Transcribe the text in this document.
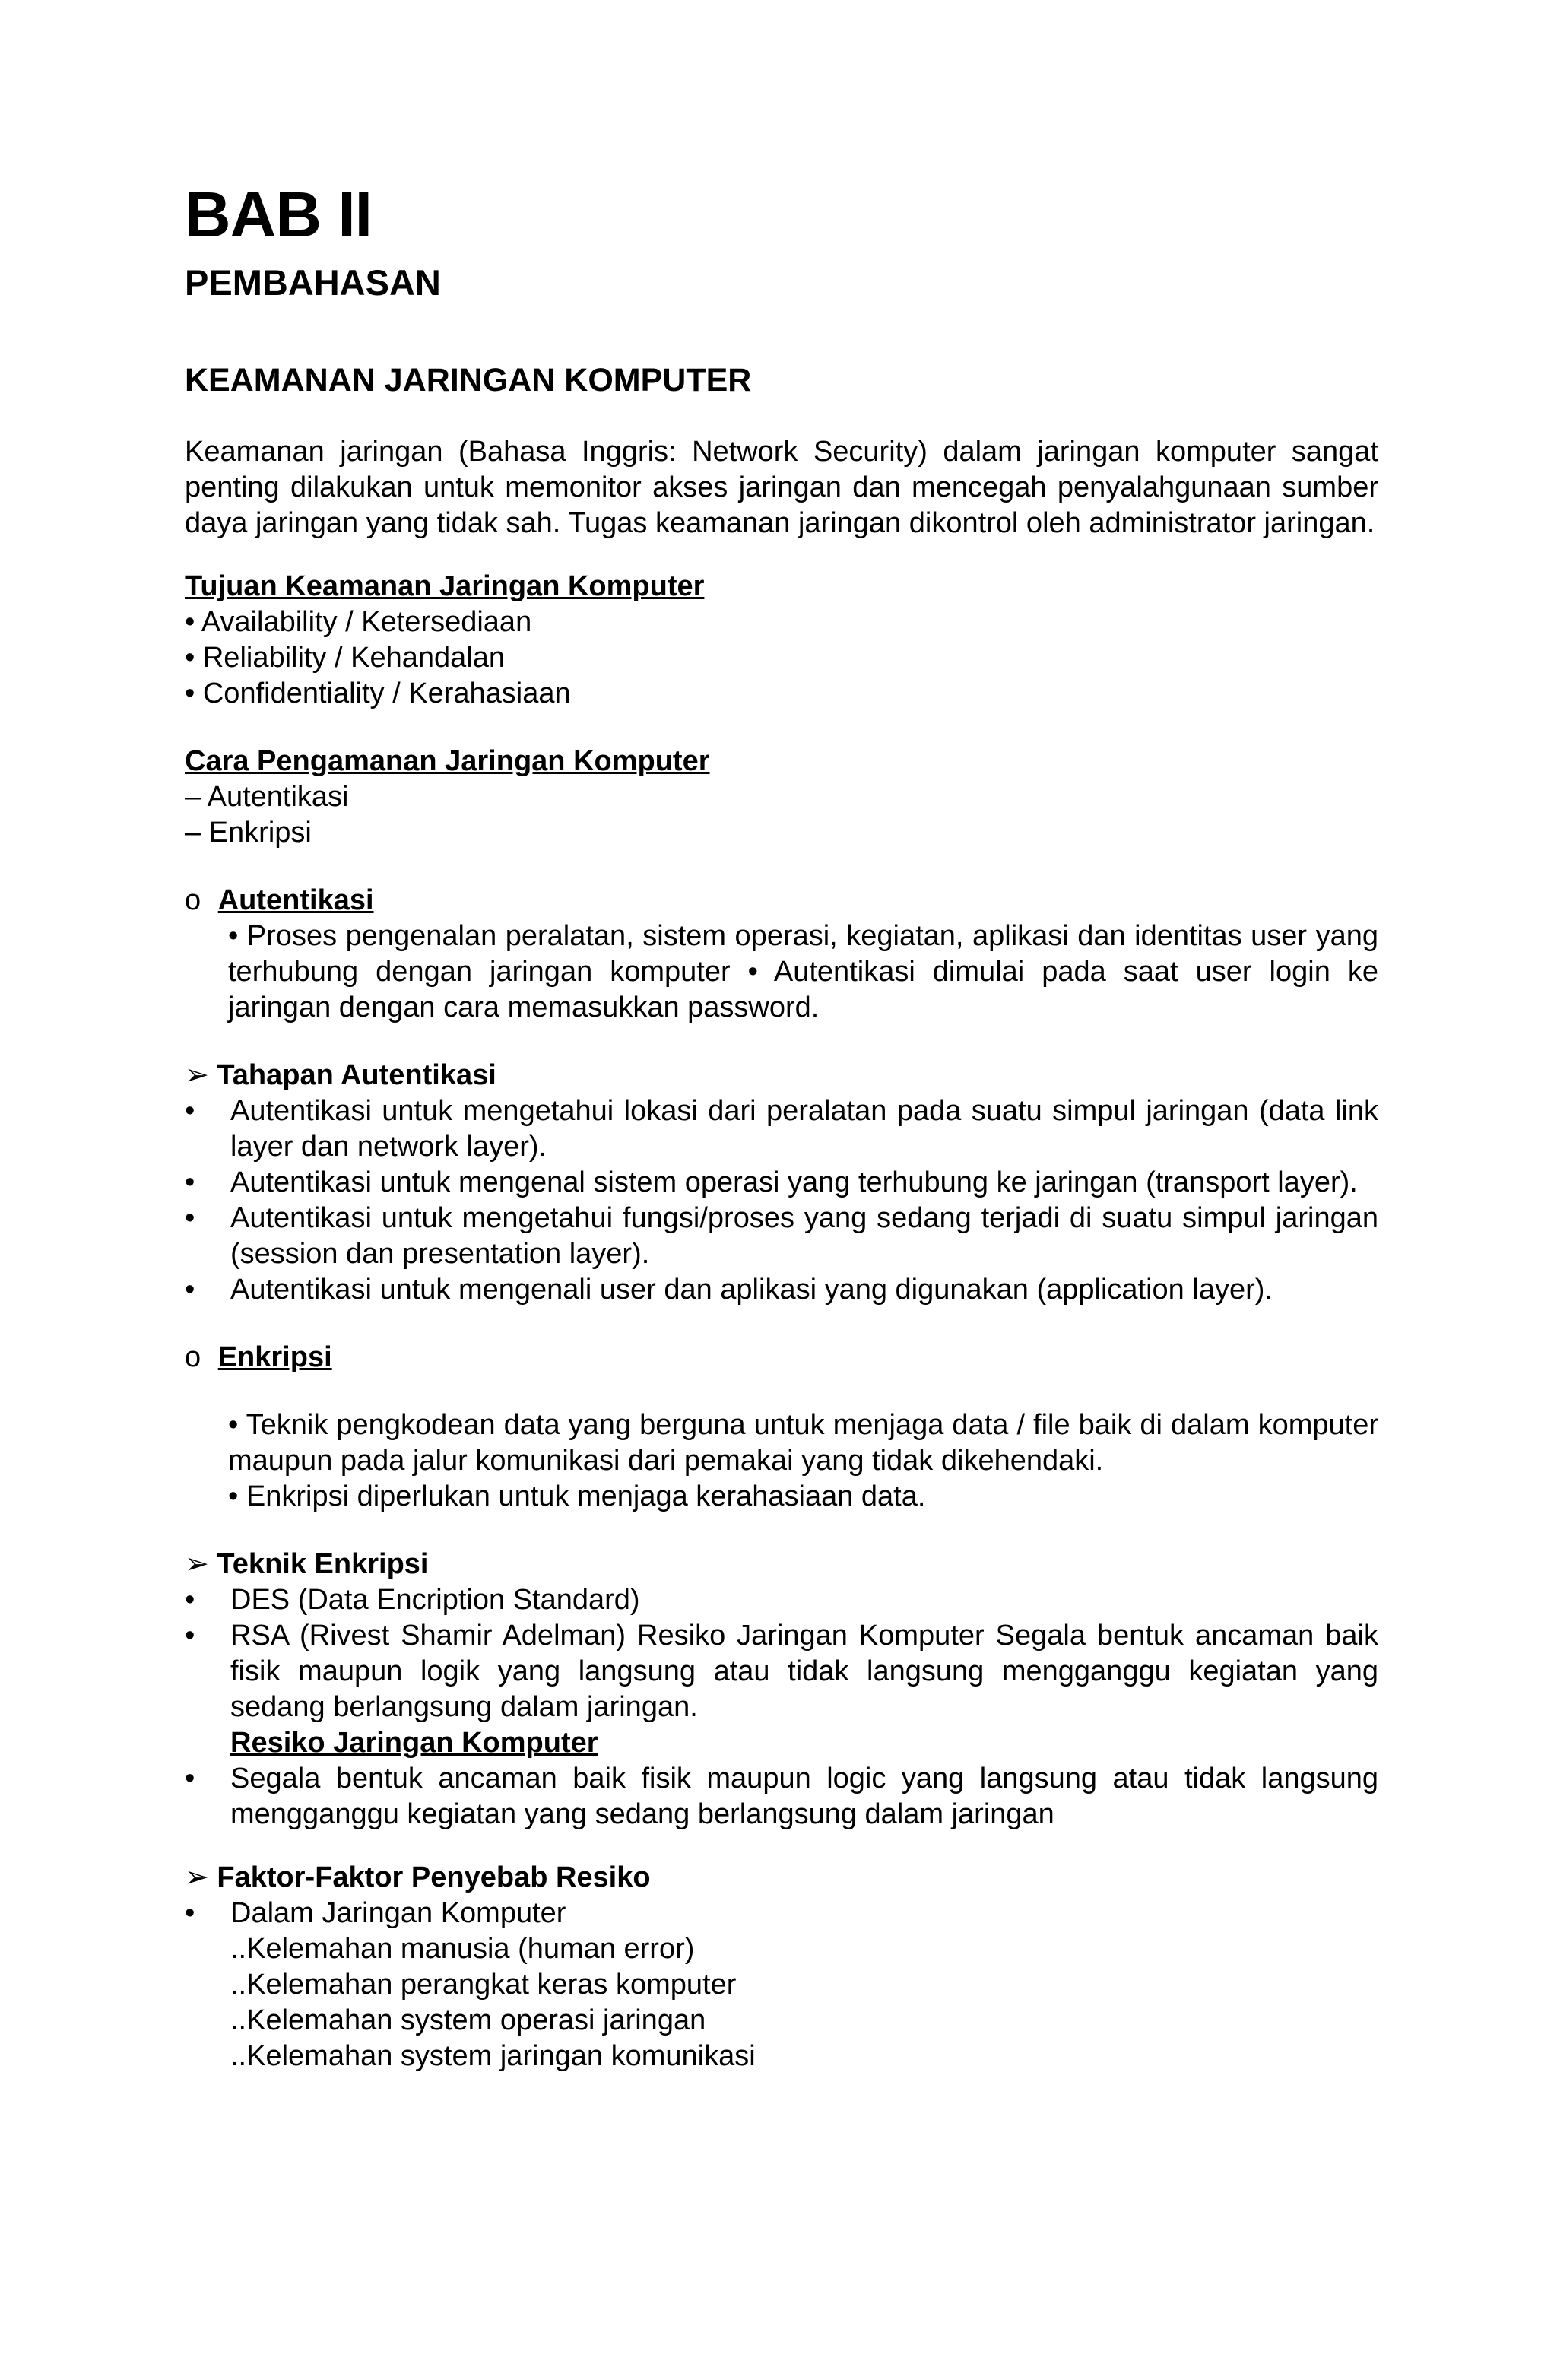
BAB II
PEMBAHASAN
KEAMANAN JARINGAN KOMPUTER

Keamanan jaringan (Bahasa Inggris: Network Security) dalam jaringan komputer sangat penting dilakukan untuk memonitor akses jaringan dan mencegah penyalahgunaan sumber daya jaringan yang tidak sah. Tugas keamanan jaringan dikontrol oleh administrator jaringan.

Tujuan Keamanan Jaringan Komputer
• Availability / Ketersediaan
• Reliability / Kehandalan
• Confidentiality / Kerahasiaan
Cara Pengamanan Jaringan Komputer
– Autentikasi
– Enkripsi
o Autentikasi

• Proses pengenalan peralatan, sistem operasi, kegiatan, aplikasi dan identitas user yang terhubung dengan jaringan komputer • Autentikasi dimulai pada saat user login ke jaringan dengan cara memasukkan password.

➢ Tahapan Autentikasi
• Autentikasi untuk mengetahui lokasi dari peralatan pada suatu simpul jaringan (data link layer dan network layer).
• Autentikasi untuk mengenal sistem operasi yang terhubung ke jaringan (transport layer).
• Autentikasi untuk mengetahui fungsi/proses yang sedang terjadi di suatu simpul jaringan (session dan presentation layer).
• Autentikasi untuk mengenali user dan aplikasi yang digunakan (application layer).
o Enkripsi

• Teknik pengkodean data yang berguna untuk menjaga data / file baik di dalam komputer maupun pada jalur komunikasi dari pemakai yang tidak dikehendaki.

• Enkripsi diperlukan untuk menjaga kerahasiaan data.

➢ Teknik Enkripsi
• DES (Data Encription Standard)
• RSA (Rivest Shamir Adelman) Resiko Jaringan Komputer Segala bentuk ancaman baik fisik maupun logik yang langsung atau tidak langsung mengganggu kegiatan yang sedang berlangsung dalam jaringan.
Resiko Jaringan Komputer
• Segala bentuk ancaman baik fisik maupun logic yang langsung atau tidak langsung mengganggu kegiatan yang sedang berlangsung dalam jaringan
➢ Faktor-Faktor Penyebab Resiko
• Dalam Jaringan Komputer
..Kelemahan manusia (human error)
..Kelemahan perangkat keras komputer
..Kelemahan system operasi jaringan
..Kelemahan system jaringan komunikasi
